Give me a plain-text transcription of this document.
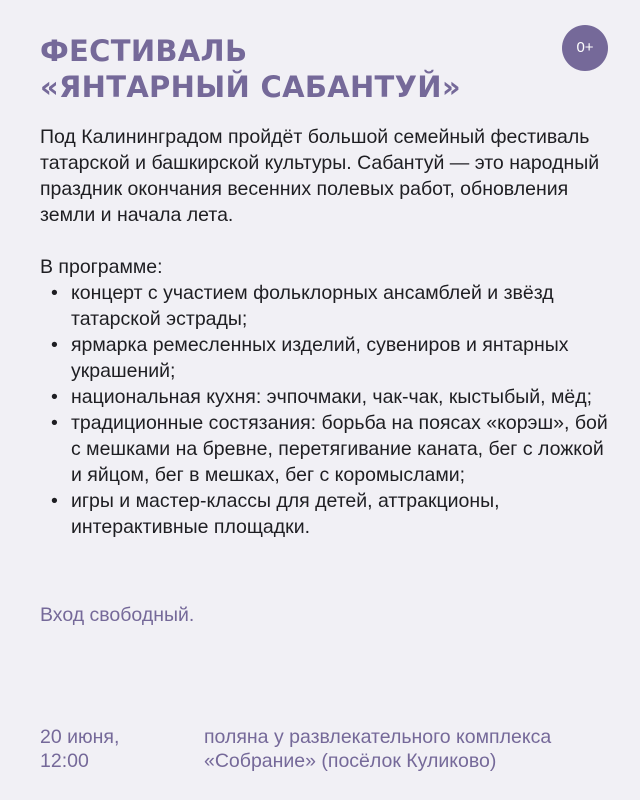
ФЕСТИВАЛЬ
«ЯНТАРНЫЙ САБАНТУЙ»
0+

Под Калининградом пройдёт большой семейный фестиваль татарской и башкирской культуры. Сабантуй — это народный праздник окончания весенних полевых работ, обновления земли и начала лета.

В программе:

• концерт с участием фольклорных ансамблей и звёзд татарской эстрады;
• ярмарка ремесленных изделий, сувениров и янтарных украшений;
• национальная кухня: эчпочмаки, чак-чак, кыстыбый, мёд;
• традиционные состязания: борьба на поясах «корэш», бой с мешками на бревне, перетягивание каната, бег с ложкой и яйцом, бег в мешках, бег с коромыслами;
• игры и мастер-классы для детей, аттракционы, интерактивные площадки.
Вход свободный.
20 июня,
12:00
поляна у развлекательного комплекса
«Собрание» (посёлок Куликово)
